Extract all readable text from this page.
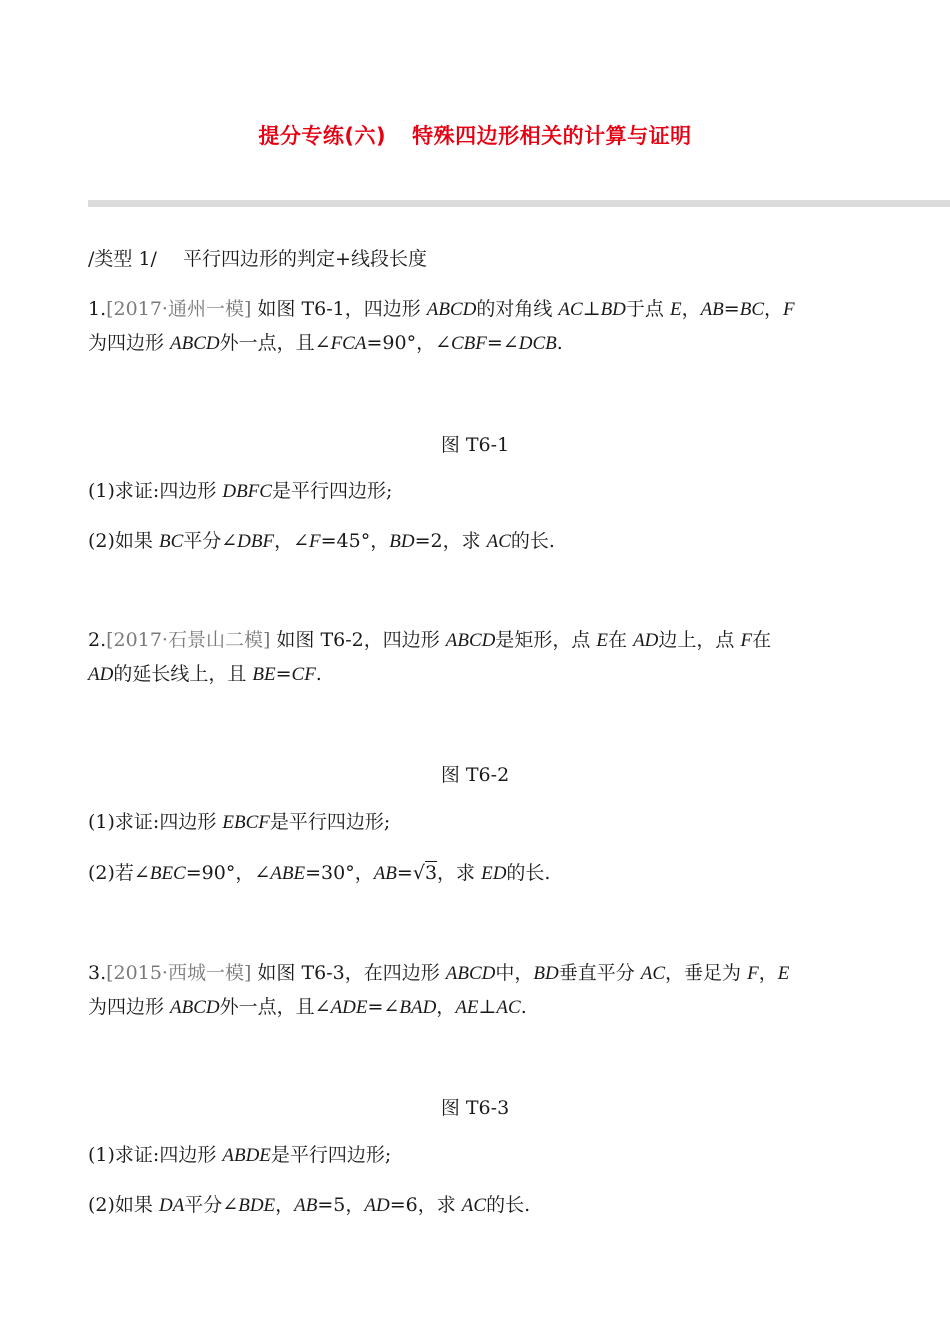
提分专练(六) 特殊四边形相关的计算与证明
/类型 1/ 平行四边形的判定+线段长度
1.[2017·通州一模] 如图 T6-1，四边形 ABCD的对角线 AC⊥BD于点 E，AB=BC，F
为四边形 ABCD外一点，且∠FCA=90°，∠CBF=∠DCB.
图 T6-1
(1)求证:四边形 DBFC是平行四边形;
(2)如果 BC平分∠DBF，∠F=45°，BD=2，求 AC的长.
2.[2017·石景山二模] 如图 T6-2，四边形 ABCD是矩形，点 E在 AD边上，点 F在
AD的延长线上，且 BE=CF.
图 T6-2
(1)求证:四边形 EBCF是平行四边形;
(2)若∠BEC=90°，∠ABE=30°，AB=√3，求 ED的长.
3.[2015·西城一模] 如图 T6-3，在四边形 ABCD中，BD垂直平分 AC，垂足为 F，E
为四边形 ABCD外一点，且∠ADE=∠BAD，AE⊥AC.
图 T6-3
(1)求证:四边形 ABDE是平行四边形;
(2)如果 DA平分∠BDE，AB=5，AD=6，求 AC的长.
